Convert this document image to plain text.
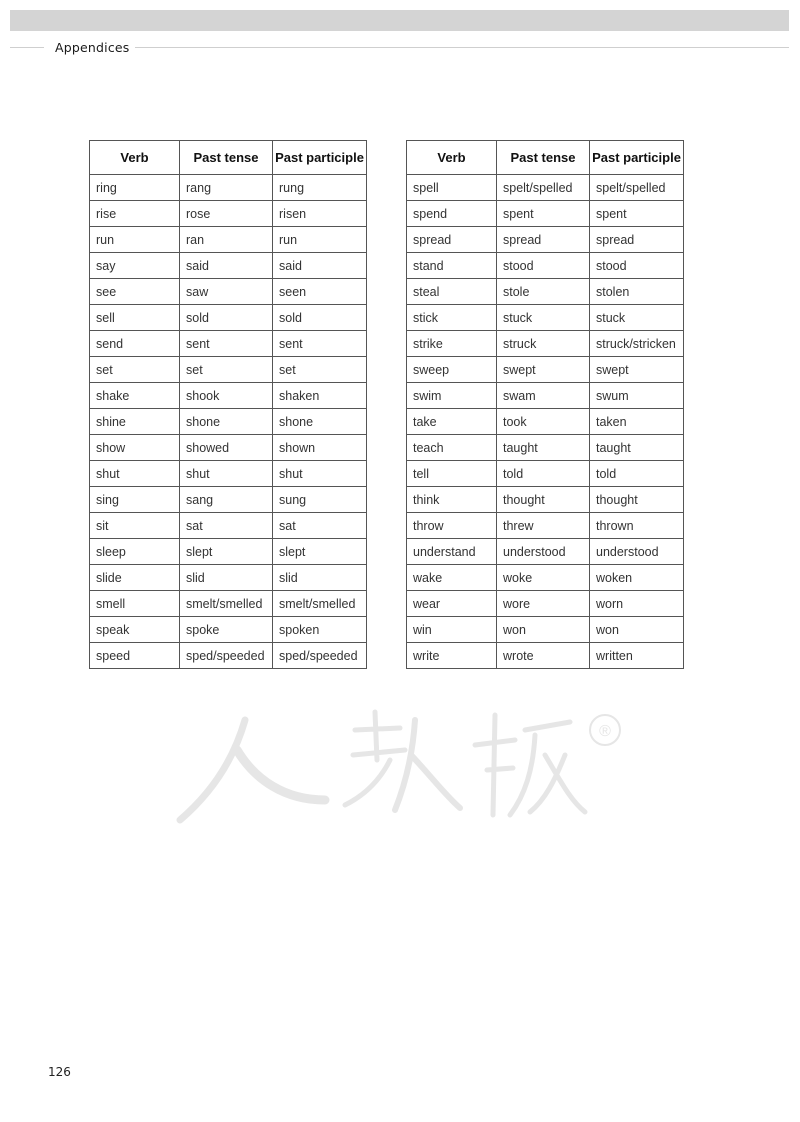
Appendices
Verb	Past tense	Past participle
ring	rang	rung
rise	rose	risen
run	ran	run
say	said	said
see	saw	seen
sell	sold	sold
send	sent	sent
set	set	set
shake	shook	shaken
shine	shone	shone
show	showed	shown
shut	shut	shut
sing	sang	sung
sit	sat	sat
sleep	slept	slept
slide	slid	slid
smell	smelt/smelled	smelt/smelled
speak	spoke	spoken
speed	sped/speeded	sped/speeded
Verb	Past tense	Past participle
spell	spelt/spelled	spelt/spelled
spend	spent	spent
spread	spread	spread
stand	stood	stood
steal	stole	stolen
stick	stuck	stuck
strike	struck	struck/stricken
sweep	swept	swept
swim	swam	swum
take	took	taken
teach	taught	taught
tell	told	told
think	thought	thought
throw	threw	thrown
understand	understood	understood
wake	woke	woken
wear	wore	worn
win	won	won
write	wrote	written
®
126
